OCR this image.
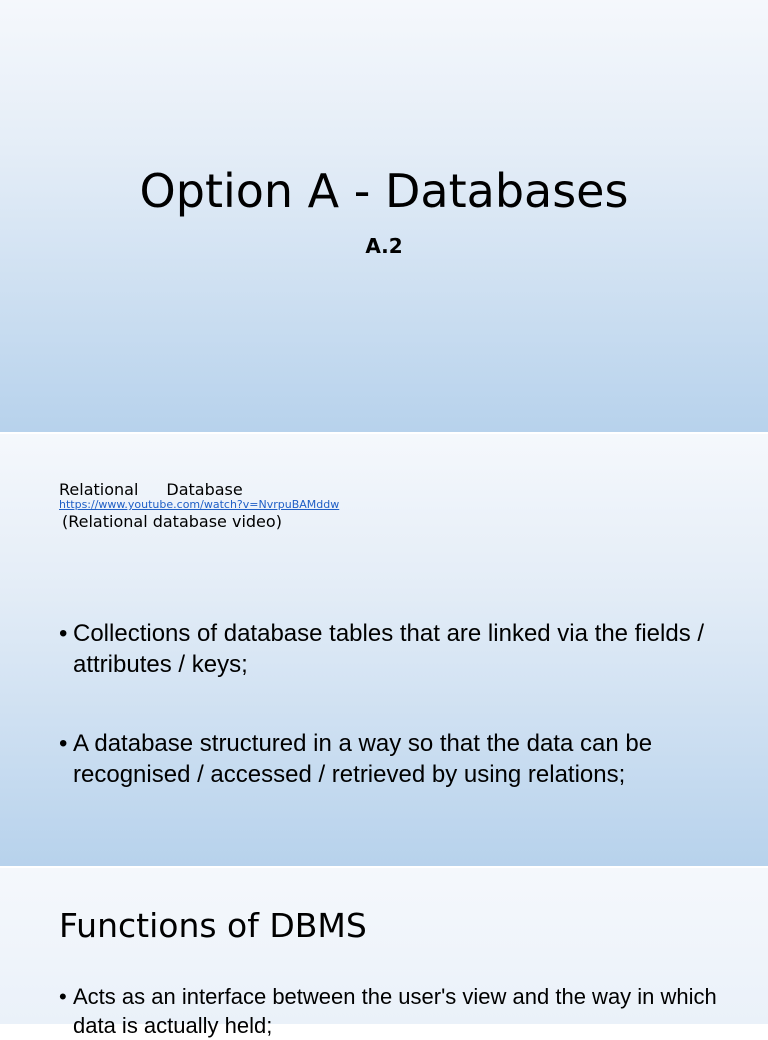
Option A - Databases
A.2
Relational Database
https://www.youtube.com/watch?v=NvrpuBAMddw
(Relational database video)
• Collections of database tables that are linked via the fields / attributes / keys;
• A database structured in a way so that the data can be recognised / accessed / retrieved by using relations;
Functions of DBMS
• Acts as an interface between the user's view and the way in which data is actually held;
